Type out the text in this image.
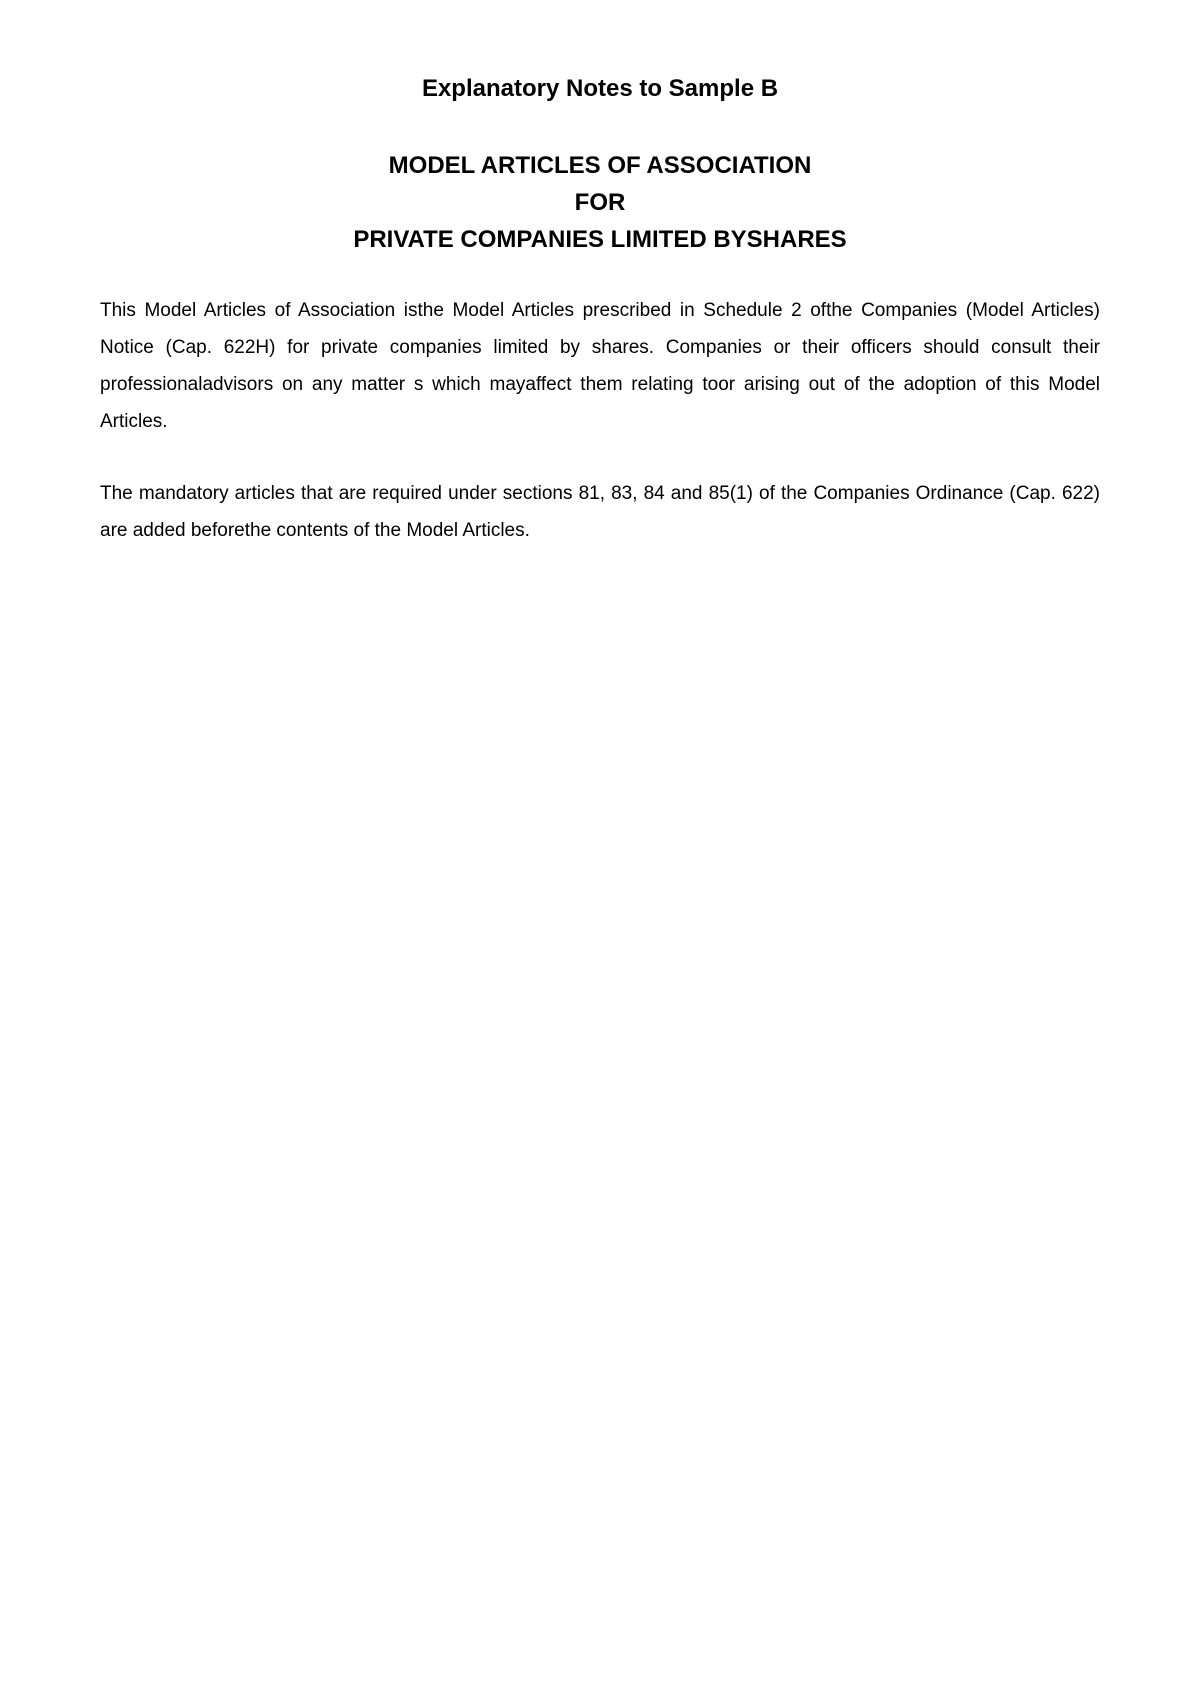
Explanatory Notes to Sample B
MODEL ARTICLES OF ASSOCIATION
FOR
PRIVATE COMPANIES LIMITED BYSHARES

This Model Articles of Association isthe Model Articles prescribed in Schedule 2 ofthe Companies (Model Articles) Notice (Cap. 622H) for private companies limited by shares. Companies or their officers should consult their professionaladvisors on any matter s which mayaffect them relating toor arising out of the adoption of this Model Articles.

The mandatory articles that are required under sections 81, 83, 84 and 85(1) of the Companies Ordinance (Cap. 622) are added beforethe contents of the Model Articles.
